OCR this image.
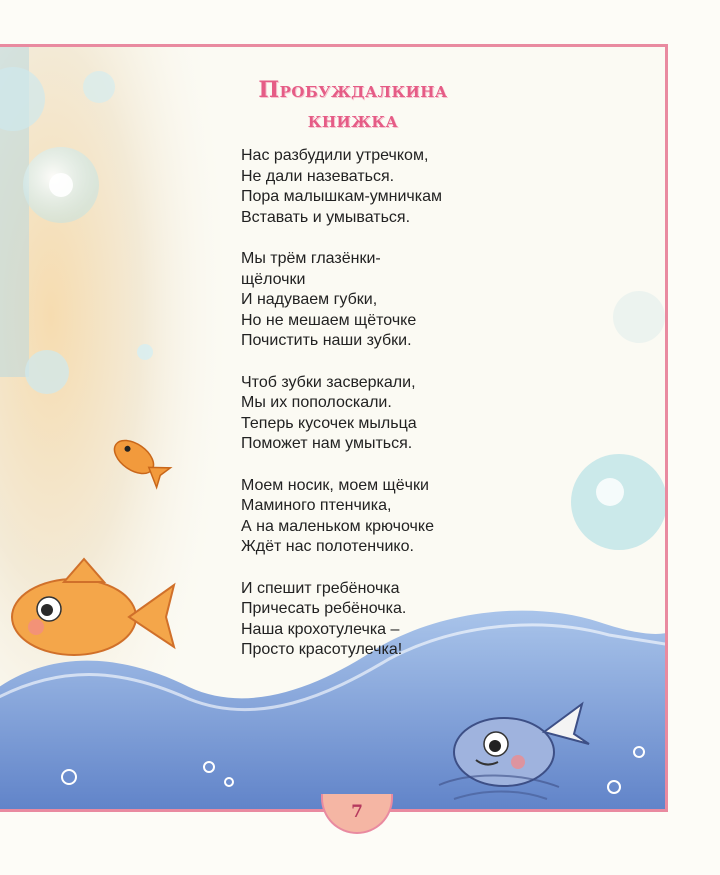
Пробуждалкина
книжка
Нас разбудили утречком,
Не дали назеваться.
Пора малышкам-умничкам
Вставать и умываться.
Мы трём глазёнки-
щёлочки
И надуваем губки,
Но не мешаем щёточке
Почистить наши зубки.
Чтоб зубки засверкали,
Мы их пополоскали.
Теперь кусочек мыльца
Поможет нам умыться.
Моем носик, моем щёчки
Маминого птенчика,
А на маленьком крючочке
Ждёт нас полотенчико.
И спешит гребёночка
Причесать ребёночка.
Наша крохотулечка –
Просто красотулечка!
7
